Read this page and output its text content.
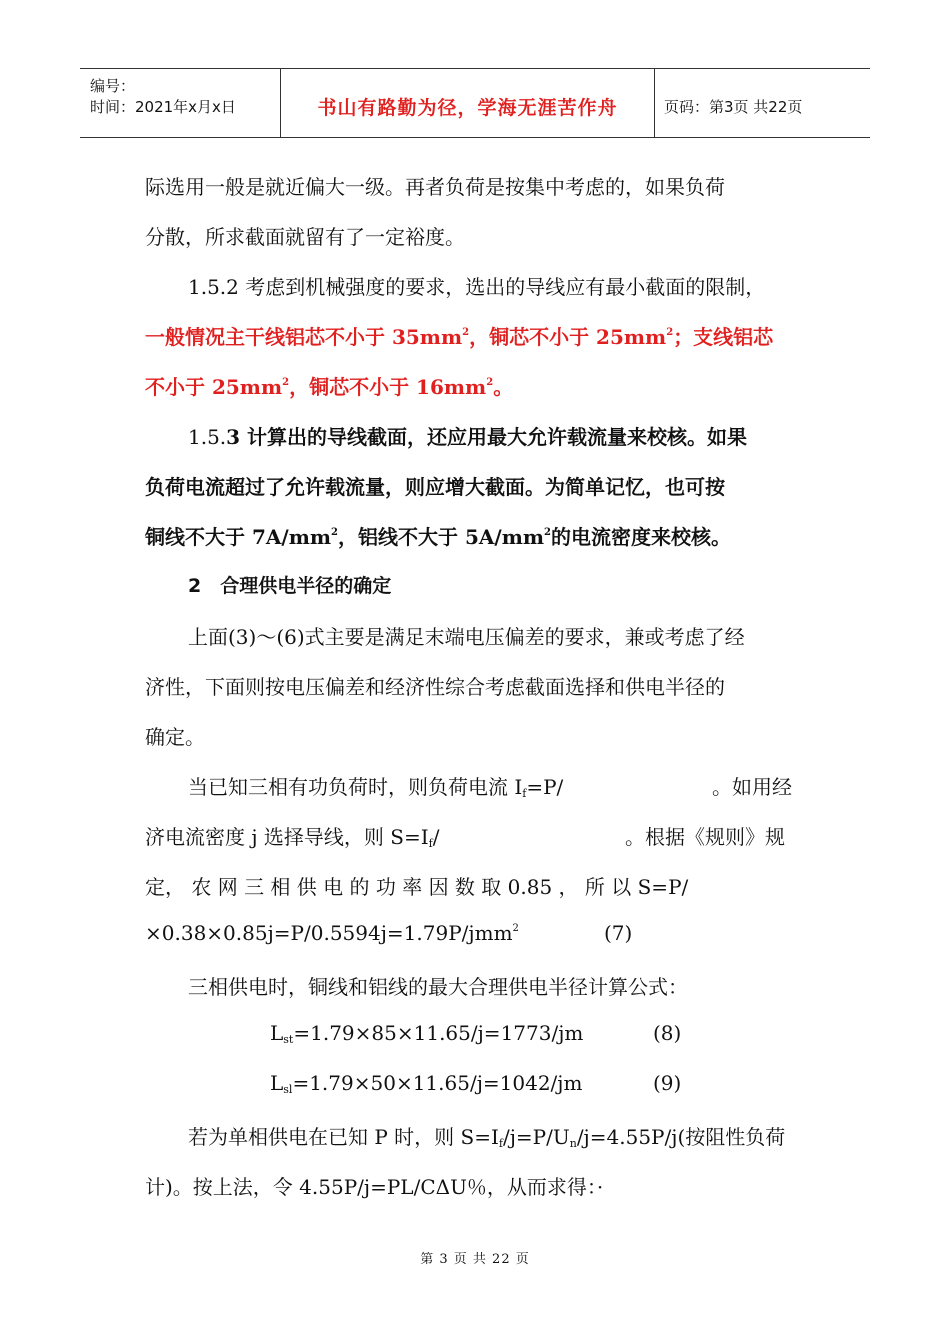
编号：
时间：2021年x月x日	书山有路勤为径，学海无涯苦作舟	页码：第3页 共22页
际选用一般是就近偏大一级。再者负荷是按集中考虑的，如果负荷
分散，所求截面就留有了一定裕度。
1.5.2 考虑到机械强度的要求，选出的导线应有最小截面的限制，
一般情况主干线铝芯不小于 $35mm^2$，铜芯不小于 $25mm^2$；支线铝芯
不小于 $25mm^2$，铜芯不小于 $16mm^2$。
1.5.3 计算出的导线截面，还应用最大允许载流量来校核。如果
负荷电流超过了允许载流量，则应增大截面。为简单记忆，也可按
铜线不大于 $7A/mm^2$，铝线不大于 $5A/mm^2$的电流密度来校核。
2　合理供电半径的确定
上面(3)～(6)式主要是满足末端电压偏差的要求，兼或考虑了经
济性，下面则按电压偏差和经济性综合考虑截面选择和供电半径的
确定。
当已知三相有功负荷时，则负荷电流 $I_f=P/$	。如用经
济电流密度 j 选择导线，则 $S=I_f/$	。根据《规则》规
定， 农 网 三 相 供 电 的 功 率 因 数 取 0.85 ， 所 以 S=P/
×0.38×0.85j=P/0.5594j=1.79P/jmm$^2$	(7)
三相供电时，铜线和铝线的最大合理供电半径计算公式：
$L_{st}=1.79\times 85\times 11.65/j=1773/jm$	(8)
$L_{sl}=1.79\times 50\times 11.65/j=1042/jm$	(9)
若为单相供电在已知 P 时，则 $S=I_f/j=P/U_n/j=4.55P/j$(按阻性负荷
计)。按上法，令 4.55P/j=PL/CΔU％，从而求得：·
第 3 页 共 22 页
